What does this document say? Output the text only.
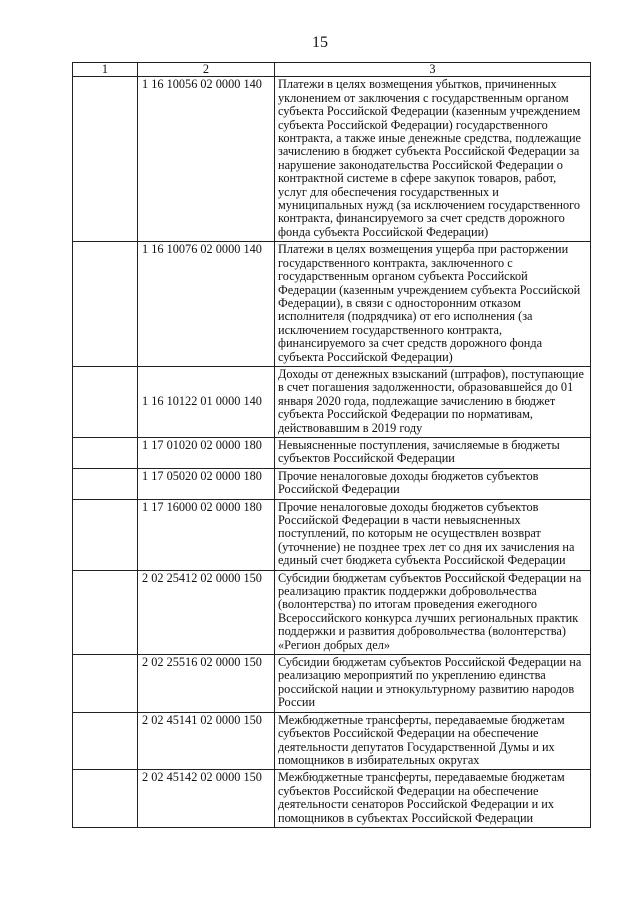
15
1	2	3
	1 16 10056 02 0000 140	Платежи в целях возмещения убытков, причиненных уклонением от заключения с государственным органом субъекта Российской Федерации (казенным учреждением субъекта Российской Федерации) государственного контракта, а также иные денежные средства, подлежащие зачислению в бюджет субъекта Российской Федерации за нарушение законодательства Российской Федерации о контрактной системе в сфере закупок товаров, работ, услуг для обеспечения государственных и муниципальных нужд (за исключением государственного контракта, финансируемого за счет средств дорожного фонда субъекта Российской Федерации)
	1 16 10076 02 0000 140	Платежи в целях возмещения ущерба при расторжении государственного контракта, заключенного с государственным органом субъекта Российской Федерации (казенным учреждением субъекта Российской Федерации), в связи с односторонним отказом исполнителя (подрядчика) от его исполнения (за исключением государственного контракта, финансируемого за счет средств дорожного фонда субъекта Российской Федерации)
	1 16 10122 01 0000 140	Доходы от денежных взысканий (штрафов), поступающие в счет погашения задолженности, образовавшейся до 01 января 2020 года, подлежащие зачислению в бюджет субъекта Российской Федерации по нормативам, действовавшим в 2019 году
	1 17 01020 02 0000 180	Невыясненные поступления, зачисляемые в бюджеты субъектов Российской Федерации
	1 17 05020 02 0000 180	Прочие неналоговые доходы бюджетов субъектов Российской Федерации
	1 17 16000 02 0000 180	Прочие неналоговые доходы бюджетов субъектов Российской Федерации в части невыясненных поступлений, по которым не осуществлен возврат (уточнение) не позднее трех лет со дня их зачисления на единый счет бюджета субъекта Российской Федерации
	2 02 25412 02 0000 150	Субсидии бюджетам субъектов Российской Федерации на реализацию практик поддержки добровольчества (волонтерства) по итогам проведения ежегодного Всероссийского конкурса лучших региональных практик поддержки и развития добровольчества (волонтерства) «Регион добрых дел»
	2 02 25516 02 0000 150	Субсидии бюджетам субъектов Российской Федерации на реализацию мероприятий по укреплению единства российской нации и этнокультурному развитию народов России
	2 02 45141 02 0000 150	Межбюджетные трансферты, передаваемые бюджетам субъектов Российской Федерации на обеспечение деятельности депутатов Государственной Думы и их помощников в избирательных округах
	2 02 45142 02 0000 150	Межбюджетные трансферты, передаваемые бюджетам субъектов Российской Федерации на обеспечение деятельности сенаторов Российской Федерации и их помощников в субъектах Российской Федерации
